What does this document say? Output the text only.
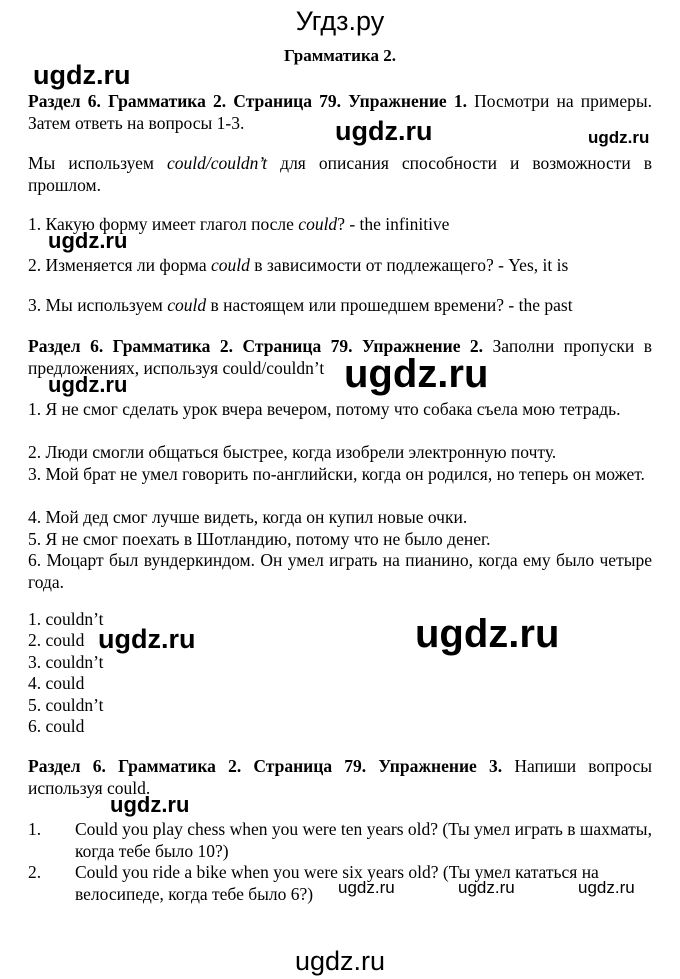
Угдз.ру
Грамматика 2.
Раздел 6. Грамматика 2. Страница 79. Упражнение 1. Посмотри на примеры. Затем ответь на вопросы 1-3.
Мы используем could/couldn’t для описания способности и возможности в прошлом.
1. Какую форму имеет глагол после could? - the infinitive
2. Изменяется ли форма could в зависимости от подлежащего? - Yes, it is
3. Мы используем could в настоящем или прошедшем времени? - the past
Раздел 6. Грамматика 2. Страница 79. Упражнение 2. Заполни пропуски в предложениях, используя could/couldn’t
1. Я не смог сделать урок вчера вечером, потому что собака съела мою тетрадь.
2. Люди смогли общаться быстрее, когда изобрели электронную почту.
3. Мой брат не умел говорить по-английски, когда он родился, но теперь он может.
4. Мой дед смог лучше видеть, когда он купил новые очки.
5. Я не смог поехать в Шотландию, потому что не было денег.
6. Моцарт был вундеркиндом. Он умел играть на пианино, когда ему было четыре года.
1. couldn’t
2. could
3. couldn’t
4. could
5. couldn’t
6. could
Раздел 6. Грамматика 2. Страница 79. Упражнение 3. Напиши вопросы используя could.
1. Could you play chess when you were ten years old? (Ты умел играть в шахматы, когда тебе было 10?)
2. Could you ride a bike when you were six years old? (Ты умел кататься на велосипеде, когда тебе было 6?)
ugdz.ru
ugdz.ru	ugdz.ru
ugdz.ru
ugdz.ru	ugdz.ru
ugdz.ru	ugdz.ru
ugdz.ru
ugdz.ru	ugdz.ru	ugdz.ru
ugdz.ru
